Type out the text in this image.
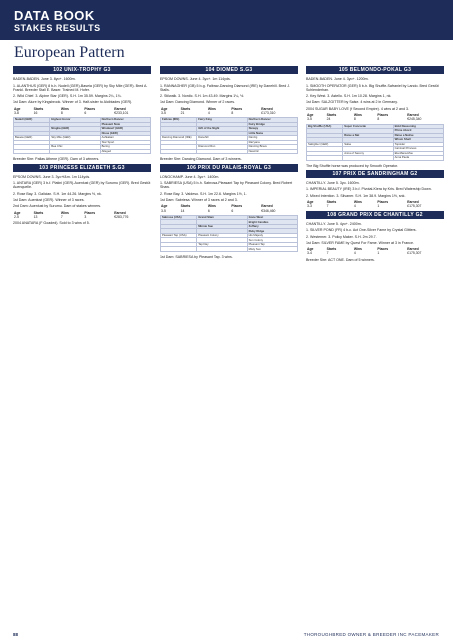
DATA BOOK
STAKES RESULTS
European Pattern
102 UNIX-TROPHY G3
BADEN-BADEN. June 3. 8yo+. 1600m.
1. ALANTHUS (GER) 8 b-h. Nudell (GER)-Baseia (GER) by Sky Mile (GER). Bred A. Frankl. Breeder Stall E. Baser. Trained M. Hofer.
2. Wild Chief. 3. Alpine Star (GER). S.H. 1m 35.59. Margins 2¼, 1¾.
1st Dam: Alure by Kingsbrook. Winner of 3. Half-sister to Alcibiades (GER).
Age	Starts	Wins	Places	Earned
3-8	16	8	6	€233,101
Nudell (GER)	Highest Honor	Northern Dancer
		Pleasant Note
	Ninglia (GER)	Windwurf (GER)
		Nissa (GER)
Baseia (GER)	Sky Mile (GER)	Ashkalani
		Star Sport
	Bea Chic	Bering
		Alleged
Breeder Sire: Pallas Athene (GER). Dam of 3 winners.
103 PRINCESS ELIZABETH S.G3
EPSOM DOWNS. June 3. 3yo+f&m. 1m 114yds.
1. ANTARA (GER) 3 b-f. Platini (GER)-Auenlust (GER) by Surumu (GER). Bred Gestüt Auenquelle.
2. Rose Bay. 3. Galician. S.H. 1m 44.26. Margins ½, nk.
1st Dam: Auenlust (GER). Winner of 3 races.
2nd Dam: Auenlust by Surumu. Dam of stakes winners.
Age	Starts	Wins	Places	Earned
2-5	13	7	3	€283,776
2004 ANATARA (F Goaded). Sold to 3 wins of 5.
104 DIOMED S.G3
EPSOM DOWNS. June 4. 3yo+. 1m 114yds.
1. RANNAGHER (GB) 5 b-g. Falbrav-Dancing Diamond (IRE) by Danehill. Bred J. Stalls.
2. Stilwalk. 3. Nordic. S.H. 1m 43.49. Margins 1¼, ½.
1st Dam: Dancing Diamond. Winner of 2 races.
Age	Starts	Wins	Places	Earned
3-5	21	4	8	£173,310
Falbrav (IRE)	Fairy King	Northern Dancer
		Fairy Bridge
	Gift of the Night	Slewpy
		Little Nana
Dancing Diamond (IRE)	Danehill	Danzig
		Razyana
	Diamond Run	Dancing Brave
		Nearctic
Breeder Sire: Dancing Diamond. Dam of 3 winners.
106 PRIX DU PALAIS-ROYAL G3
LONGCHAMP. June 4. 3yo+. 1400m.
1. SABRIESA (USA) 5 b-h. Sabrosa-Pleasant Tap by Pleasant Colony. Bred Robert Shaw.
2. Rose Bay. 3. Valdeso. S.H. 1m 22.6. Margins 1½, 1.
1st Dam: Sabriesa. Winner of 3 races at 2 and 3.
Age	Starts	Wins	Places	Earned
3-5	14	6	6	€346,460
Sabrosa (USA)	Grand Slam	Gone West
		Bright Candles
	Minnie Sue	Zoffany
		Ruby Ridge
Pleasant Tap (USA)	Pleasant Colony	His Majesty
		Sun Colony
	Tap Day	Pleasant Tap
		Misty Sun
1st Dam: SABRIESA by Pleasant Tap. 3 wins.
105 BELMONDO-POKAL G3
BADEN-BADEN. June 4. 3yo+. 1200m.
1. SMOOTH OPERATOR (GER) 5 b-h. Big Shuffle-Safraniel by Lando. Bred Gestüt Schlenderhan.
2. Key West. 3. Astello. S.H. 1m 10.28. Margins 1, nk.
1st Dam: SALZGITTER by Salse. 4 wins at 2 in Germany.
2004 SUGAR BABY LOVE (f Second Empire). 4 wins at 2 and 3.
Age	Starts	Wins	Places	Earned
3-5	24	8	8	€245,340
Big Shuffle (USA)	Super Concorde	Bold Reasoning
		Prime Abord
	Raise a Nat	Raise a Native
		Whom Shall
Salzgitter (GER)	Salse	Topsider
		Carnival Princess
	Anna of Saxony	Ela-Mana-Mou
		Anna Paola
The Big Shuffle horse was produced by Smooth Operator.
107 PRIX DE SANDRINGHAM G2
CHANTILLY. June 5. 3yo. 1600m.
1. IMPERIAL BEAUTY (IRE) 3 b-f. Pivotal-Kiera by Kris. Bred Watership Down.
2. Mixed Intention. 3. Silvaner. S.H. 1m 38.9. Margins 1½, snk.
Age	Starts	Wins	Places	Earned
3-3	7	4	1	£175,307
108 GRAND PRIX DE CHANTILLY G2
CHANTILLY. June 5. 4yo+. 2400m.
1. SILVER POND (FR) 4 b-c. Act One-Silver Fame by Crystal Glitters.
2. Westerner. 3. Policy Maker. S.H. 2m 29.7.
1st Dam: SILVER FAME by Quest For Fame. Winner at 3 in France.
Age	Starts	Wins	Places	Earned
3-4	7	4	1	£175,307
Breeder Sire: ACT ONE. Dam of 5 winners.
88	THOROUGHBRED OWNER & BREEDER INC PACEMAKER
